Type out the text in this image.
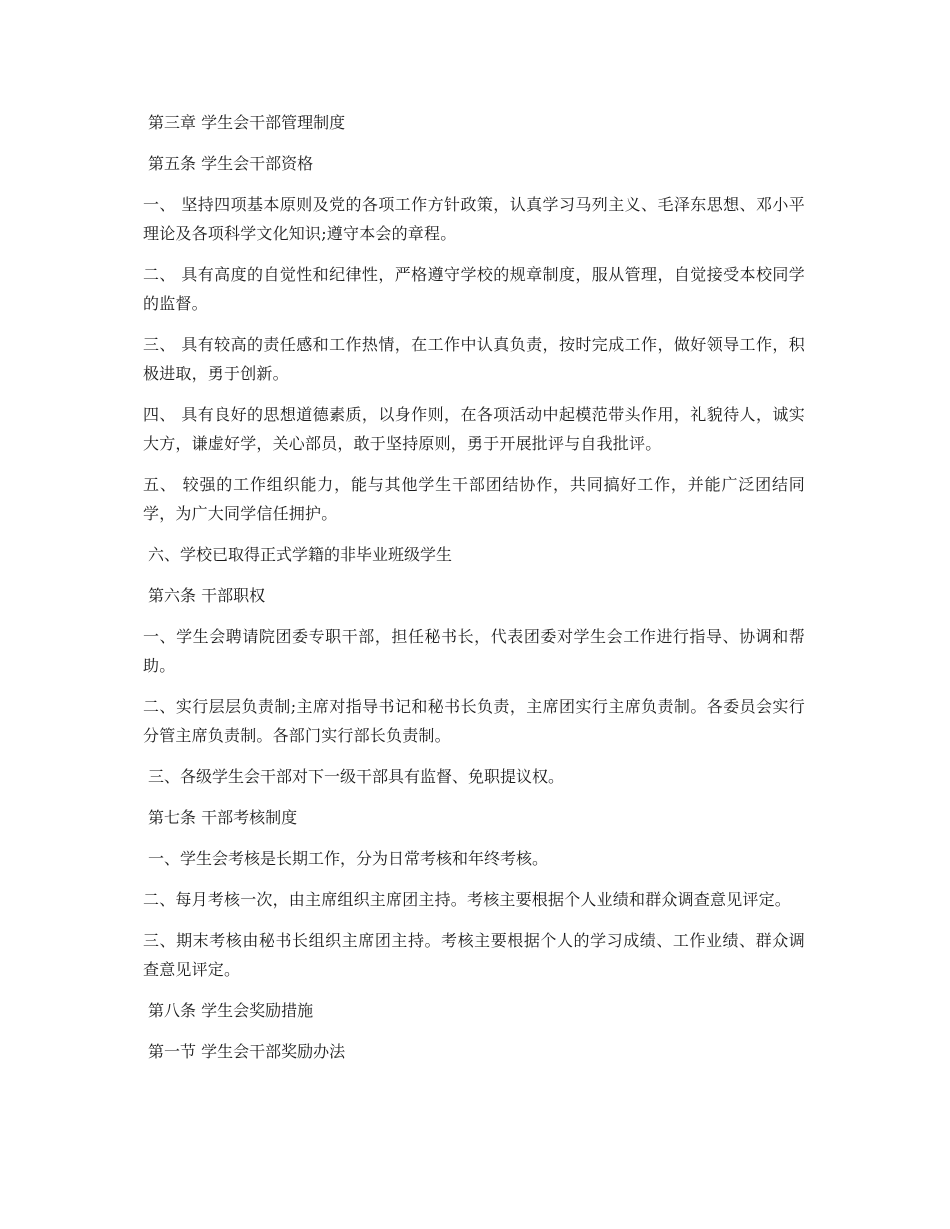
第三章 学生会干部管理制度

第五条 学生会干部资格

一、 坚持四项基本原则及党的各项工作方针政策，认真学习马列主义、毛泽东思想、邓小平理论及各项科学文化知识;遵守本会的章程。

二、 具有高度的自觉性和纪律性，严格遵守学校的规章制度，服从管理，自觉接受本校同学的监督。

三、 具有较高的责任感和工作热情，在工作中认真负责，按时完成工作，做好领导工作，积极进取，勇于创新。

四、 具有良好的思想道德素质，以身作则，在各项活动中起模范带头作用，礼貌待人，诚实大方，谦虚好学，关心部员，敢于坚持原则，勇于开展批评与自我批评。

五、 较强的工作组织能力，能与其他学生干部团结协作，共同搞好工作，并能广泛团结同学，为广大同学信任拥护。

六、学校已取得正式学籍的非毕业班级学生

第六条 干部职权

一、学生会聘请院团委专职干部，担任秘书长，代表团委对学生会工作进行指导、协调和帮助。

二、实行层层负责制;主席对指导书记和秘书长负责，主席团实行主席负责制。各委员会实行分管主席负责制。各部门实行部长负责制。

三、各级学生会干部对下一级干部具有监督、免职提议权。

第七条 干部考核制度

一、学生会考核是长期工作，分为日常考核和年终考核。

二、每月考核一次，由主席组织主席团主持。考核主要根据个人业绩和群众调查意见评定。

三、期末考核由秘书长组织主席团主持。考核主要根据个人的学习成绩、工作业绩、群众调查意见评定。

第八条 学生会奖励措施

第一节 学生会干部奖励办法
